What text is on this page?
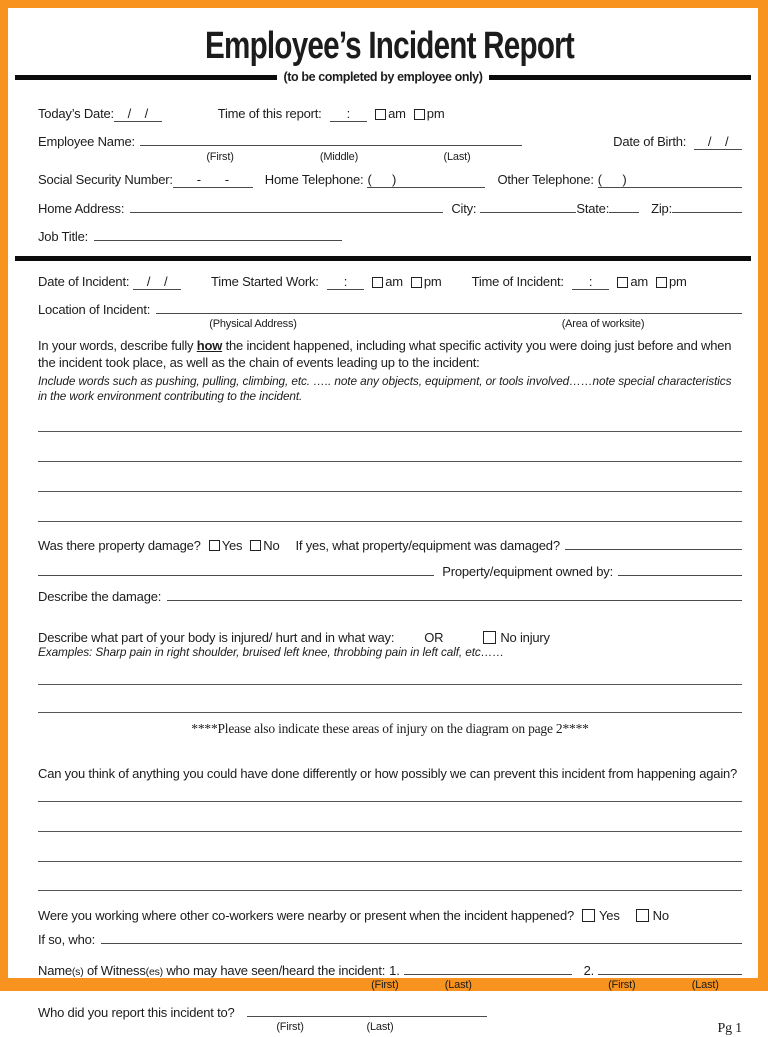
Employee’s Incident Report
(to be completed by employee only)
Today’s Date: /    /	Time of this report: : am pm
Employee Name:	Date of Birth: /    /
(First)	(Middle)	(Last)
Social Security Number: -       - Home Telephone: (      )	Other Telephone: (      )
Home Address:	City:	State:	Zip:
Job Title:
Date of Incident: /    / Time Started Work: : am pm Time of Incident: : am pm
Location of Incident:
(Physical Address)	(Area of worksite)
In your words, describe fully how the incident happened, including what specific activity you were doing just before and when the incident took place, as well as the chain of events leading up to the incident:
Include words such as pushing, pulling, climbing, etc. ….. note any objects, equipment, or tools involved……note special characteristics in the work environment contributing to the incident.
Was there property damage? Yes No If yes, what property/equipment was damaged?
Property/equipment owned by:
Describe the damage:
Describe what part of your body is injured/ hurt and in what way: OR	No injury
Examples: Sharp pain in right shoulder, bruised left knee, throbbing pain in left calf, etc……
****Please also indicate these areas of injury on the diagram on page 2****
Can you think of anything you could have done differently or how possibly we can prevent this incident from happening again?
Were you working where other co-workers were nearby or present when the incident happened? Yes	No
If so, who:
Name (s) of Witness (es) who may have seen/heard the incident: 1.	2.
(First)	(Last)	(First)	(Last)
Who did you report this incident to?
(First)	(Last)	Pg 1
